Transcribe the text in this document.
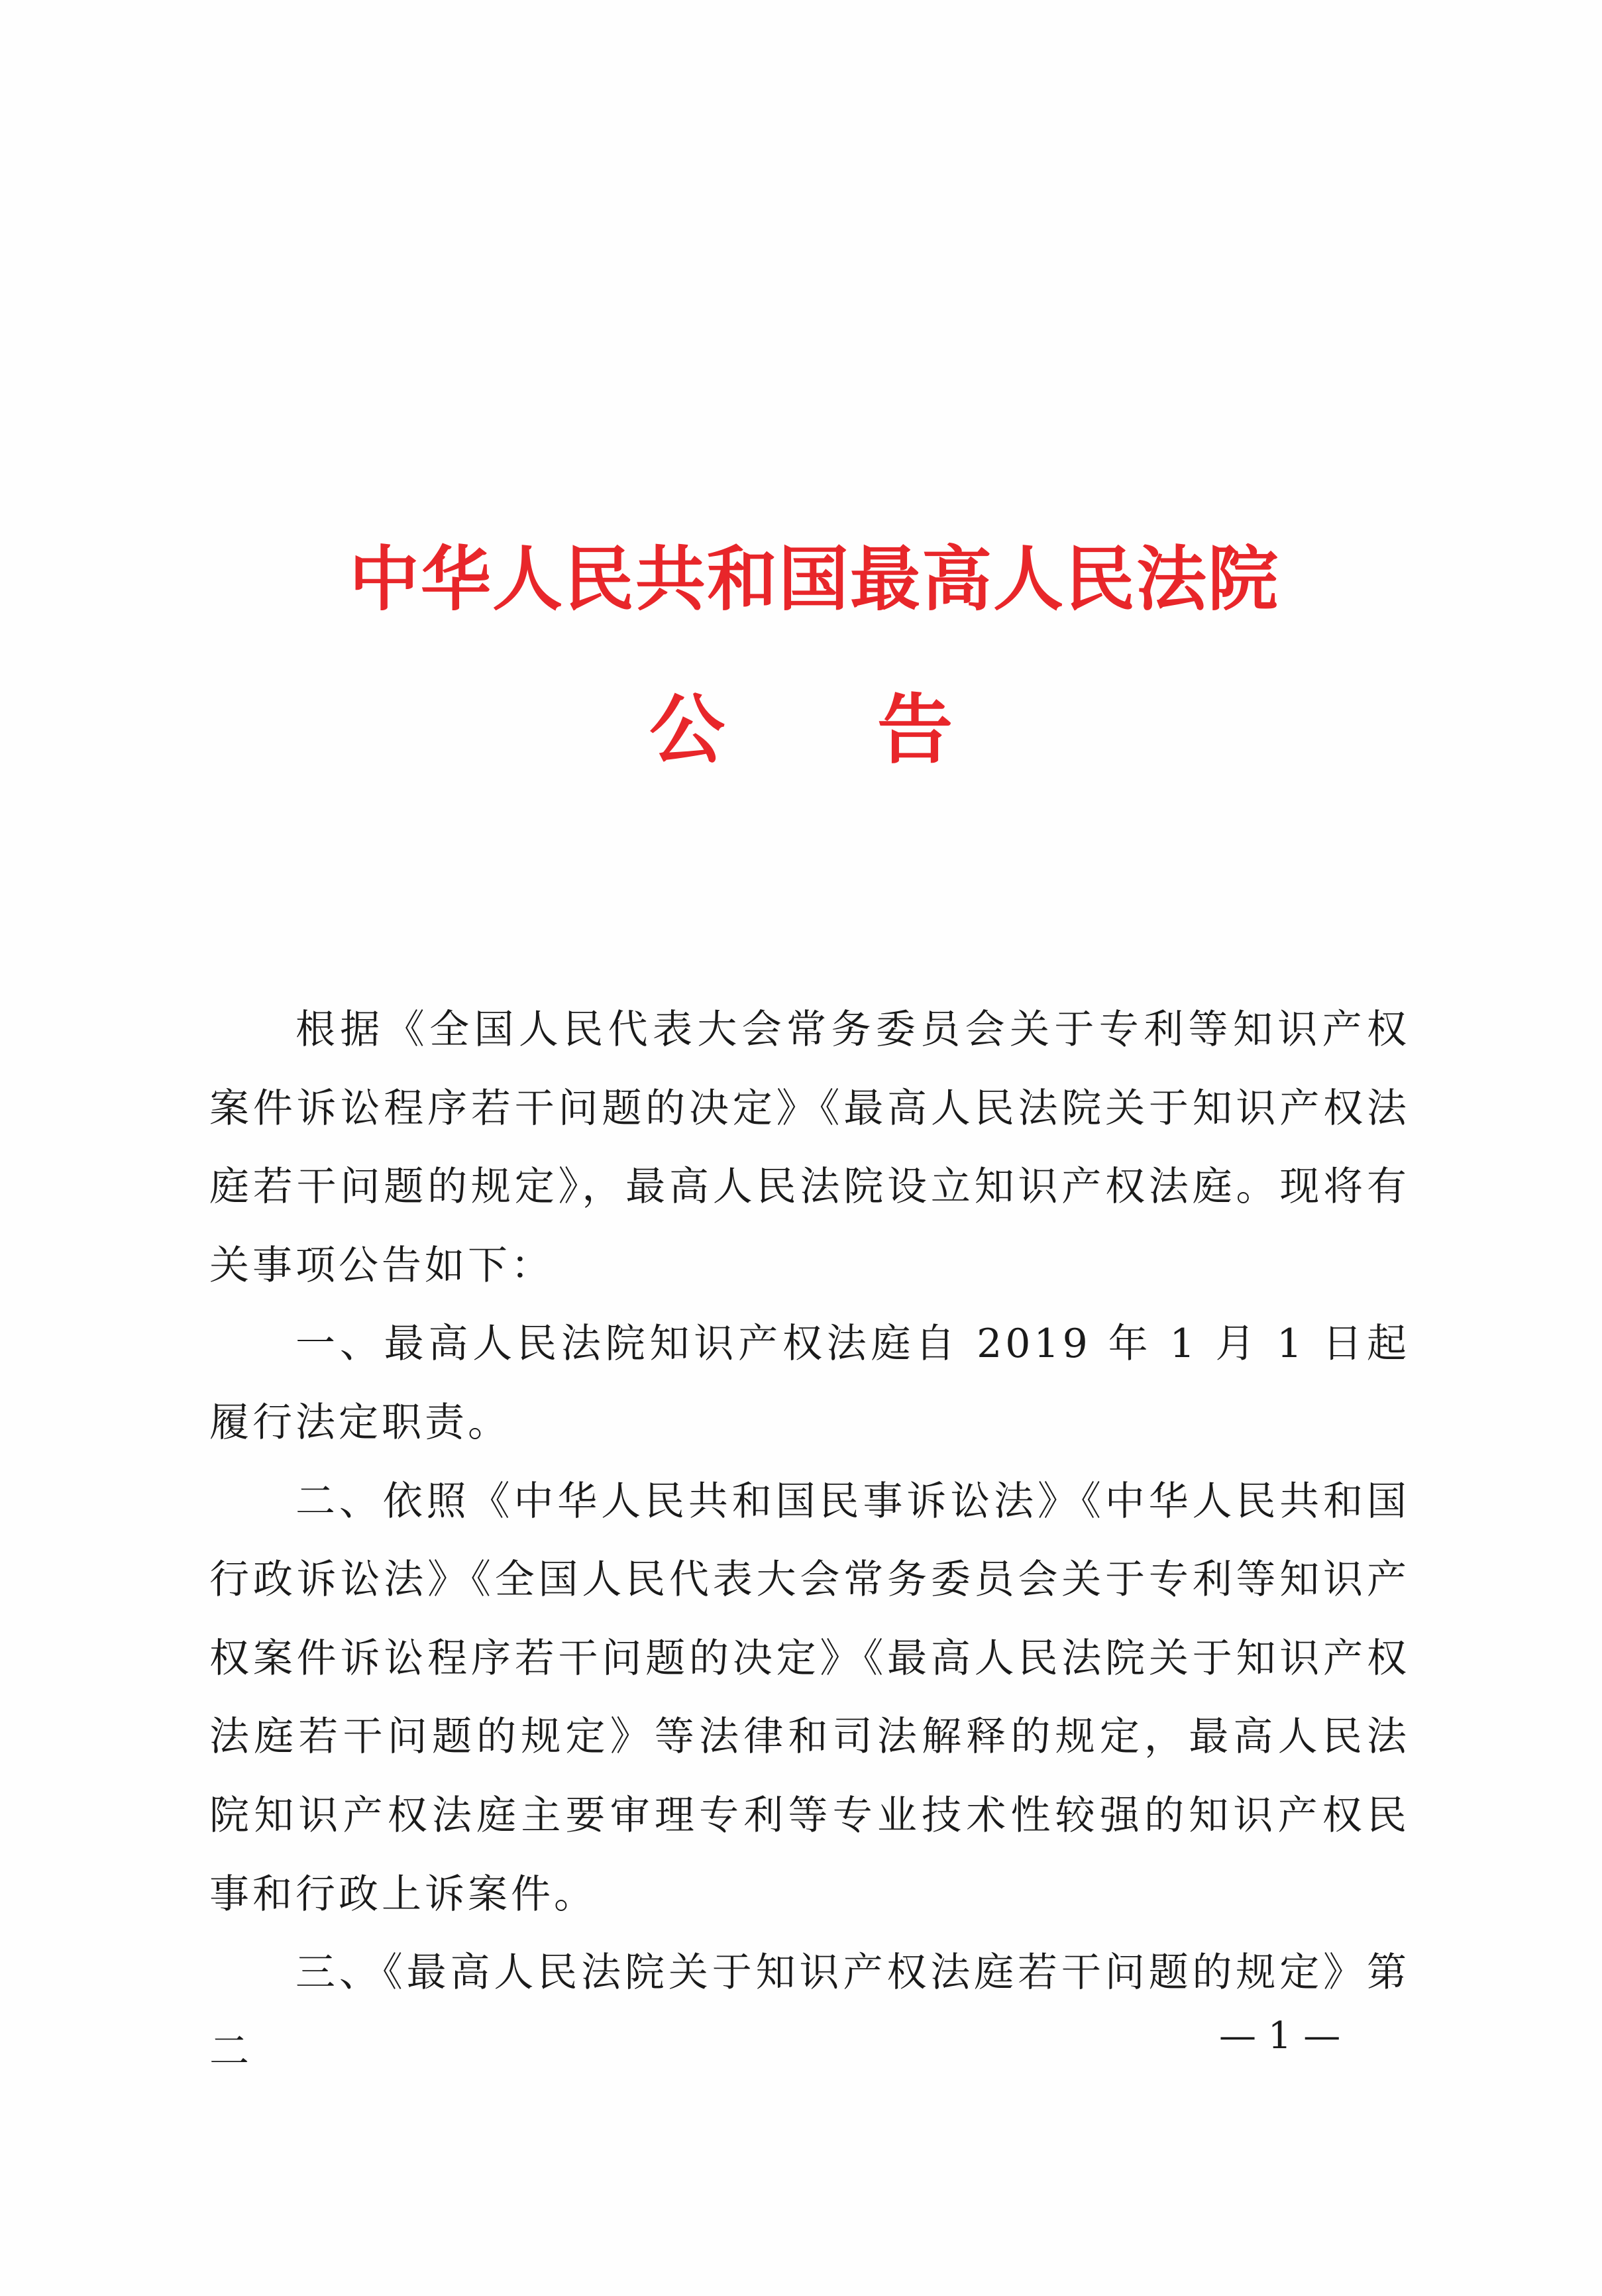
中华人民共和国最高人民法院
公告

根据《全国人民代表大会常务委员会关于专利等知识产权案件诉讼程序若干问题的决定》《最高人民法院关于知识产权法庭若干问题的规定》，最高人民法院设立知识产权法庭。现将有关事项公告如下：

一、最高人民法院知识产权法庭自 2019 年 1 月 1 日起履行法定职责。

二、依照《中华人民共和国民事诉讼法》《中华人民共和国行政诉讼法》《全国人民代表大会常务委员会关于专利等知识产权案件诉讼程序若干问题的决定》《最高人民法院关于知识产权法庭若干问题的规定》等法律和司法解释的规定，最高人民法院知识产权法庭主要审理专利等专业技术性较强的知识产权民事和行政上诉案件。

三、《最高人民法院关于知识产权法庭若干问题的规定》第二	— 1 —
